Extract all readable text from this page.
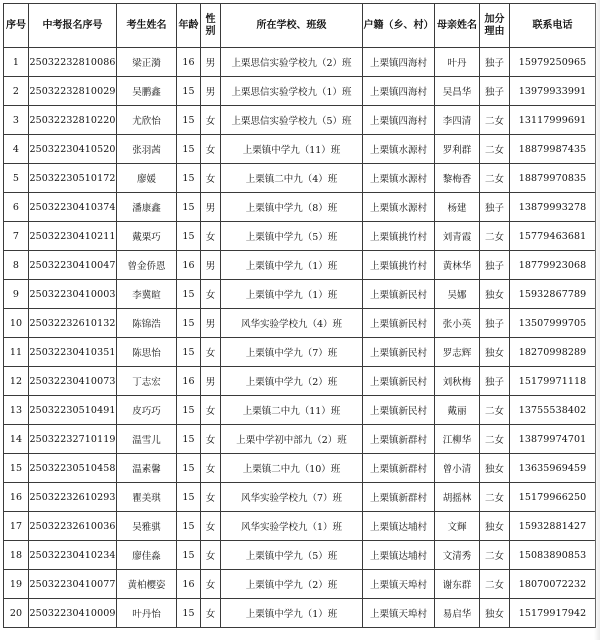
序号	中考报名序号	考生姓名	年龄	性别	所在学校、班级	户籍（乡、村）	母亲姓名	加分理由	联系电话
1	25032232810086	梁正漪	16	男	上栗思信实验学校九（2）班	上栗镇四海村	叶丹	独子	15979250965
2	25032232810029	吴鹏鑫	15	男	上栗思信实验学校九（1）班	上栗镇四海村	吴昌华	独子	13979933991
3	25032232810220	尤欣怡	15	女	上栗思信实验学校九（5）班	上栗镇四海村	李四清	二女	13117999691
4	25032230410520	张羽茜	15	女	上栗镇中学九（11）班	上栗镇水源村	罗利群	二女	18879987435
5	25032230510172	廖媛	15	女	上栗镇二中九（4）班	上栗镇水源村	黎梅香	二女	18879970835
6	25032230410374	潘康鑫	15	男	上栗镇中学九（8）班	上栗镇水源村	杨建	独子	13879993278
7	25032230410211	戴栗巧	15	女	上栗镇中学九（5）班	上栗镇挑竹村	刘青霞	二女	15779463681
8	25032230410047	曾金侨恩	16	男	上栗镇中学九（1）班	上栗镇挑竹村	黄林华	独子	18779923068
9	25032230410003	李冀暄	15	女	上栗镇中学九（1）班	上栗镇新民村	吴娜	独女	15932867789
10	25032232610132	陈锦浩	15	男	风华实验学校九（4）班	上栗镇新民村	张小英	独子	13507999705
11	25032230410351	陈思怡	15	女	上栗镇中学九（7）班	上栗镇新民村	罗志辉	独女	18270998289
12	25032230410073	丁志宏	16	男	上栗镇中学九（2）班	上栗镇新民村	刘秋梅	独子	15179971118
13	25032230510491	皮巧巧	15	女	上栗镇二中九（11）班	上栗镇新民村	戴丽	二女	13755538402
14	25032232710119	温雪儿	15	女	上栗中学初中部九（2）班	上栗镇新群村	江柳华	二女	13879974701
15	25032230510458	温素馨	15	女	上栗镇二中九（10）班	上栗镇新群村	曾小清	独女	13635969459
16	25032232610293	瞿美琪	15	女	风华实验学校九（7）班	上栗镇新群村	胡摇林	二女	15179966250
17	25032232610036	吴雅骐	15	女	风华实验学校九（1）班	上栗镇达埔村	文輝	独女	15932881427
18	25032230410234	廖佳淼	15	女	上栗镇中学九（5）班	上栗镇达埔村	文清秀	二女	15083890853
19	25032230410077	黄柏樱姿	16	女	上栗镇中学九（2）班	上栗镇天埠村	谢东群	二女	18070072232
20	25032230410009	叶丹怡	15	女	上栗镇中学九（1）班	上栗镇天埠村	易启华	独女	15179917942
